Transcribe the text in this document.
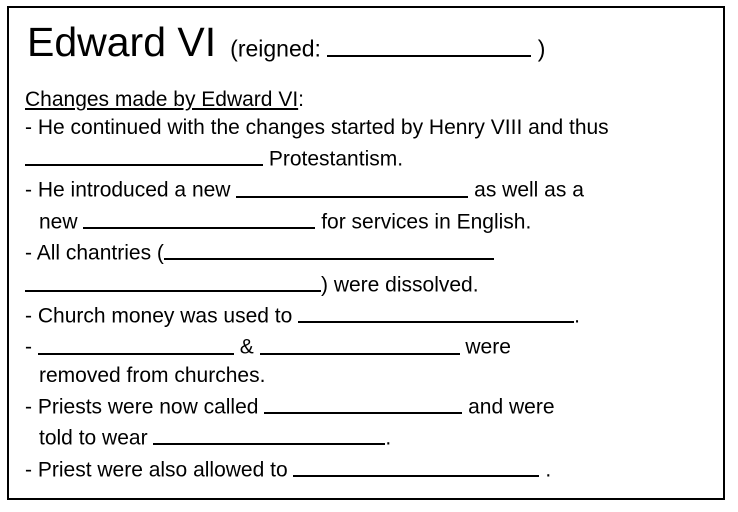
Edward VI (reigned:	)
Changes made by Edward VI:
- He continued with the changes started by Henry VIII and thus
Protestantism.
- He introduced a new	as well as a
new	for services in English.
- All chantries (
) were dissolved.
- Church money was used to	.
-	&	were
removed from churches.
- Priests were now called	and were
told to wear	.
- Priest were also allowed to	.
